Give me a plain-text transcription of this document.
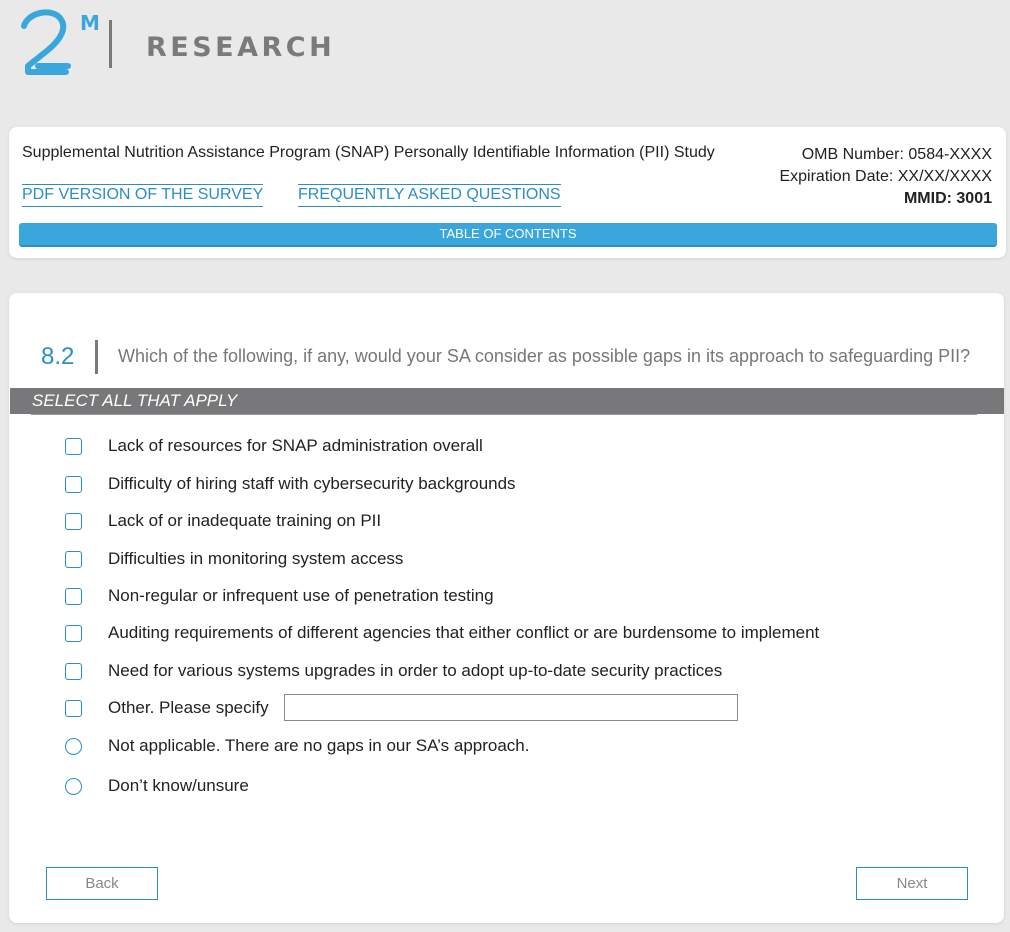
M
RESEARCH
Supplemental Nutrition Assistance Program (SNAP) Personally Identifiable Information (PII) Study	OMB Number: 0584-XXXX
Expiration Date: XX/XX/XXXX
MMID: 3001
PDF VERSION OF THE SURVEY FREQUENTLY ASKED QUESTIONS
TABLE OF CONTENTS
8.2 Which of the following, if any, would your SA consider as possible gaps in its approach to safeguarding PII?
SELECT ALL THAT APPLY
Lack of resources for SNAP administration overall
Difficulty of hiring staff with cybersecurity backgrounds
Lack of or inadequate training on PII
Difficulties in monitoring system access
Non-regular or infrequent use of penetration testing
Auditing requirements of different agencies that either conflict or are burdensome to implement
Need for various systems upgrades in order to adopt up-to-date security practices
Other. Please specify
Not applicable. There are no gaps in our SA’s approach.
Don’t know/unsure
Back	Next
